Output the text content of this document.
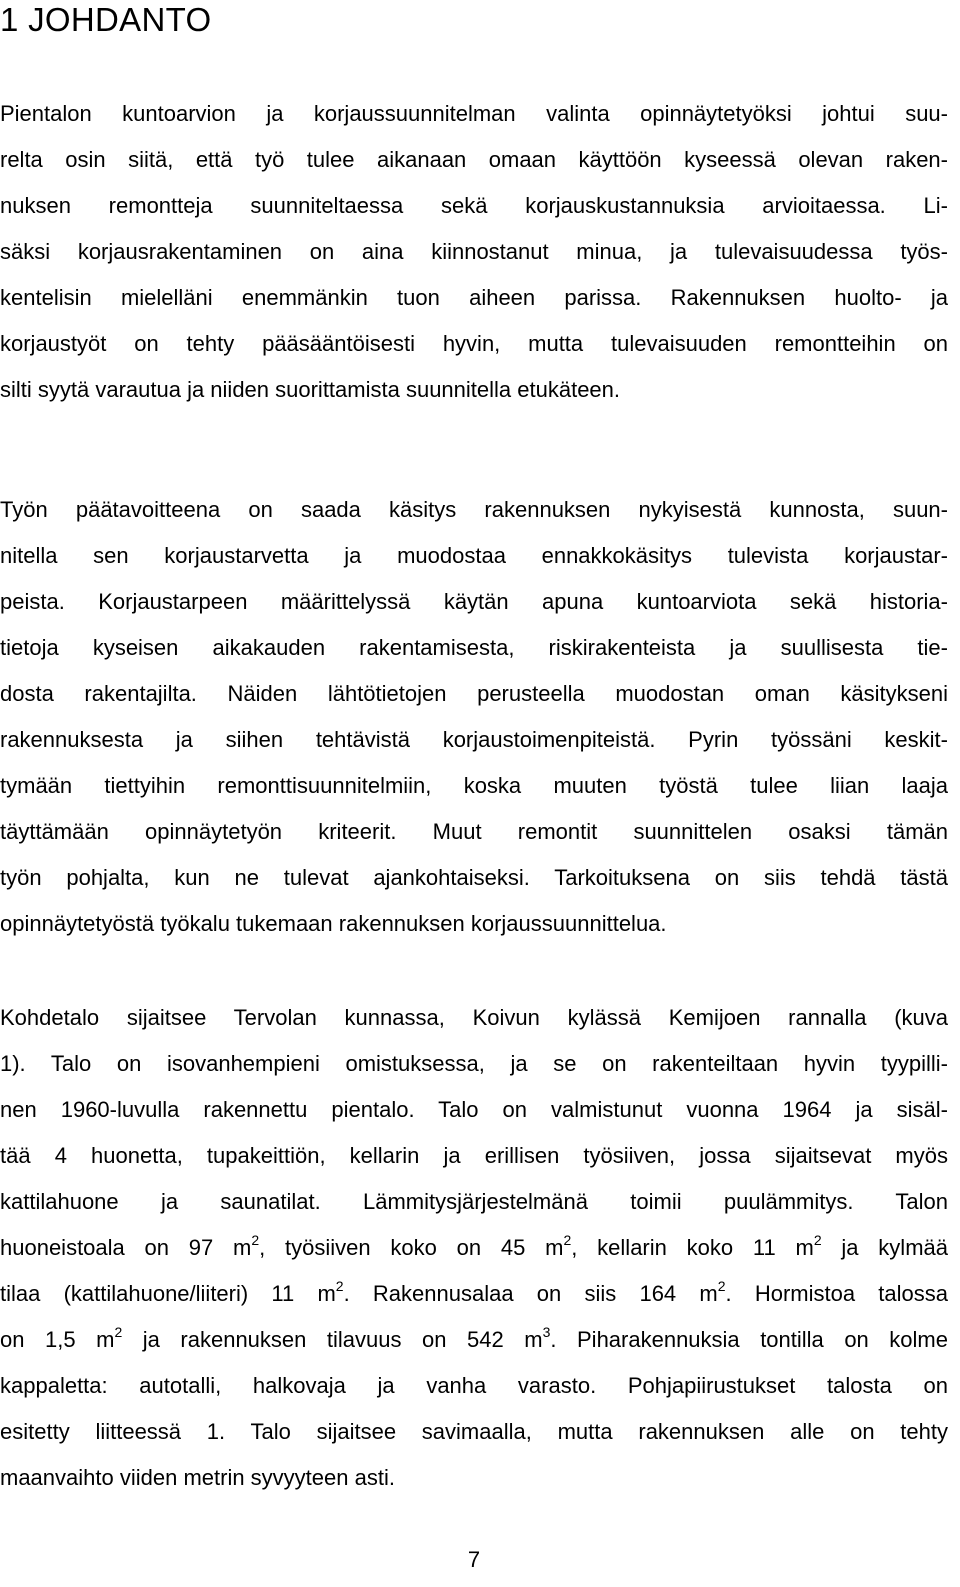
1 JOHDANTO
Pientalon kuntoarvion ja korjaussuunnitelman valinta opinnäytetyöksi johtui suu-
relta osin siitä, että työ tulee aikanaan omaan käyttöön kyseessä olevan raken-
nuksen remontteja suunniteltaessa sekä korjauskustannuksia arvioitaessa. Li-
säksi korjausrakentaminen on aina kiinnostanut minua, ja tulevaisuudessa työs-
kentelisin mielelläni enemmänkin tuon aiheen parissa. Rakennuksen huolto- ja
korjaustyöt on tehty pääsääntöisesti hyvin, mutta tulevaisuuden remontteihin on
silti syytä varautua ja niiden suorittamista suunnitella etukäteen.
Työn päätavoitteena on saada käsitys rakennuksen nykyisestä kunnosta, suun-
nitella sen korjaustarvetta ja muodostaa ennakkokäsitys tulevista korjaustar-
peista. Korjaustarpeen määrittelyssä käytän apuna kuntoarviota sekä historia-
tietoja kyseisen aikakauden rakentamisesta, riskirakenteista ja suullisesta tie-
dosta rakentajilta. Näiden lähtötietojen perusteella muodostan oman käsitykseni
rakennuksesta ja siihen tehtävistä korjaustoimenpiteistä. Pyrin työssäni keskit-
tymään tiettyihin remonttisuunnitelmiin, koska muuten työstä tulee liian laaja
täyttämään opinnäytetyön kriteerit. Muut remontit suunnittelen osaksi tämän
työn pohjalta, kun ne tulevat ajankohtaiseksi. Tarkoituksena on siis tehdä tästä
opinnäytetyöstä työkalu tukemaan rakennuksen korjaussuunnittelua.
Kohdetalo sijaitsee Tervolan kunnassa, Koivun kylässä Kemijoen rannalla (kuva
1). Talo on isovanhempieni omistuksessa, ja se on rakenteiltaan hyvin tyypilli-
nen 1960-luvulla rakennettu pientalo. Talo on valmistunut vuonna 1964 ja sisäl-
tää 4 huonetta, tupakeittiön, kellarin ja erillisen työsiiven, jossa sijaitsevat myös
kattilahuone ja saunatilat. Lämmitysjärjestelmänä toimii puulämmitys. Talon
huoneistoala on 97 $m^2$, työsiiven koko on 45 $m^2$, kellarin koko 11 $m^2$ ja kylmää
tilaa (kattilahuone/liiteri) 11 $m^2$. Rakennusalaa on siis 164 $m^2$. Hormistoa talossa
on 1,5 $m^2$ ja rakennuksen tilavuus on 542 $m^3$. Piharakennuksia tontilla on kolme
kappaletta: autotalli, halkovaja ja vanha varasto. Pohjapiirustukset talosta on
esitetty liitteessä 1. Talo sijaitsee savimaalla, mutta rakennuksen alle on tehty
maanvaihto viiden metrin syvyyteen asti.
7
